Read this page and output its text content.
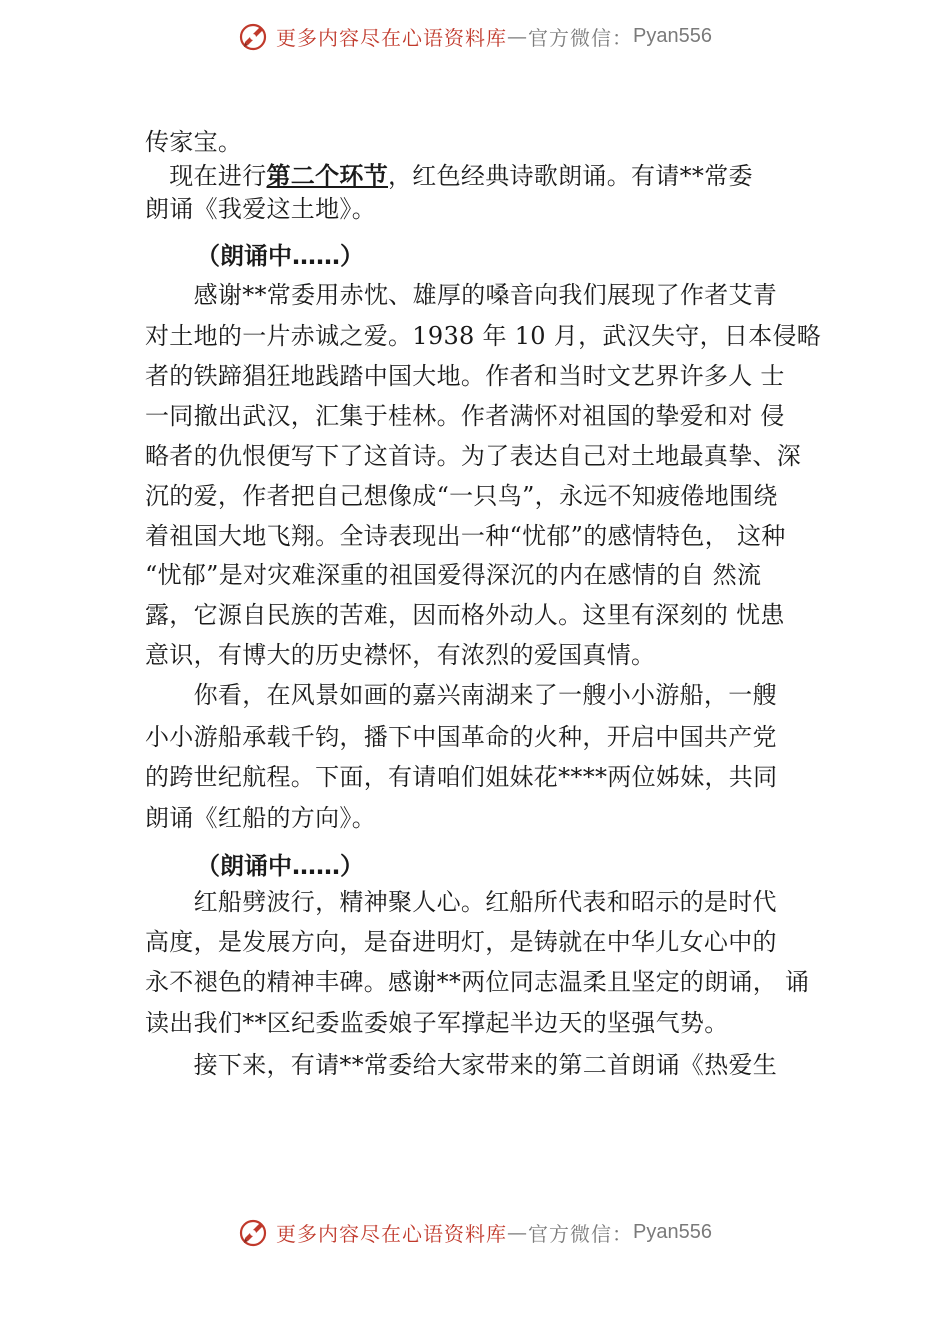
更多内容尽在心语资料库 — 官方微信： Pyan556
传家宝。
　现在进行第二个环节，红色经典诗歌朗诵。有请**常委
朗诵《我爱这土地》。
（朗诵中……）
　　感谢**常委用赤忱、雄厚的嗓音向我们展现了作者艾青
对土地的一片赤诚之爱。1938 年 10 月，武汉失守，日本侵略
者的铁蹄猖狂地践踏中国大地。作者和当时文艺界许多人 士
一同撤出武汉，汇集于桂林。作者满怀对祖国的挚爱和对 侵
略者的仇恨便写下了这首诗。为了表达自己对土地最真挚、深
沉的爱，作者把自己想像成“一只鸟”，永远不知疲倦地围绕
着祖国大地飞翔。全诗表现出一种“忧郁”的感情特色， 这种
“忧郁”是对灾难深重的祖国爱得深沉的内在感情的自 然流
露，它源自民族的苦难，因而格外动人。这里有深刻的 忧患
意识，有博大的历史襟怀，有浓烈的爱国真情。
　　你看，在风景如画的嘉兴南湖来了一艘小小游船，一艘
小小游船承载千钧，播下中国革命的火种，开启中国共产党
的跨世纪航程。下面，有请咱们姐妹花****两位姊妹，共同
朗诵《红船的方向》。
（朗诵中……）
　　红船劈波行，精神聚人心。红船所代表和昭示的是时代
高度，是发展方向，是奋进明灯，是铸就在中华儿女心中的
永不褪色的精神丰碑。感谢**两位同志温柔且坚定的朗诵， 诵
读出我们**区纪委监委娘子军撑起半边天的坚强气势。
　　接下来，有请**常委给大家带来的第二首朗诵《热爱生
更多内容尽在心语资料库 — 官方微信： Pyan556
